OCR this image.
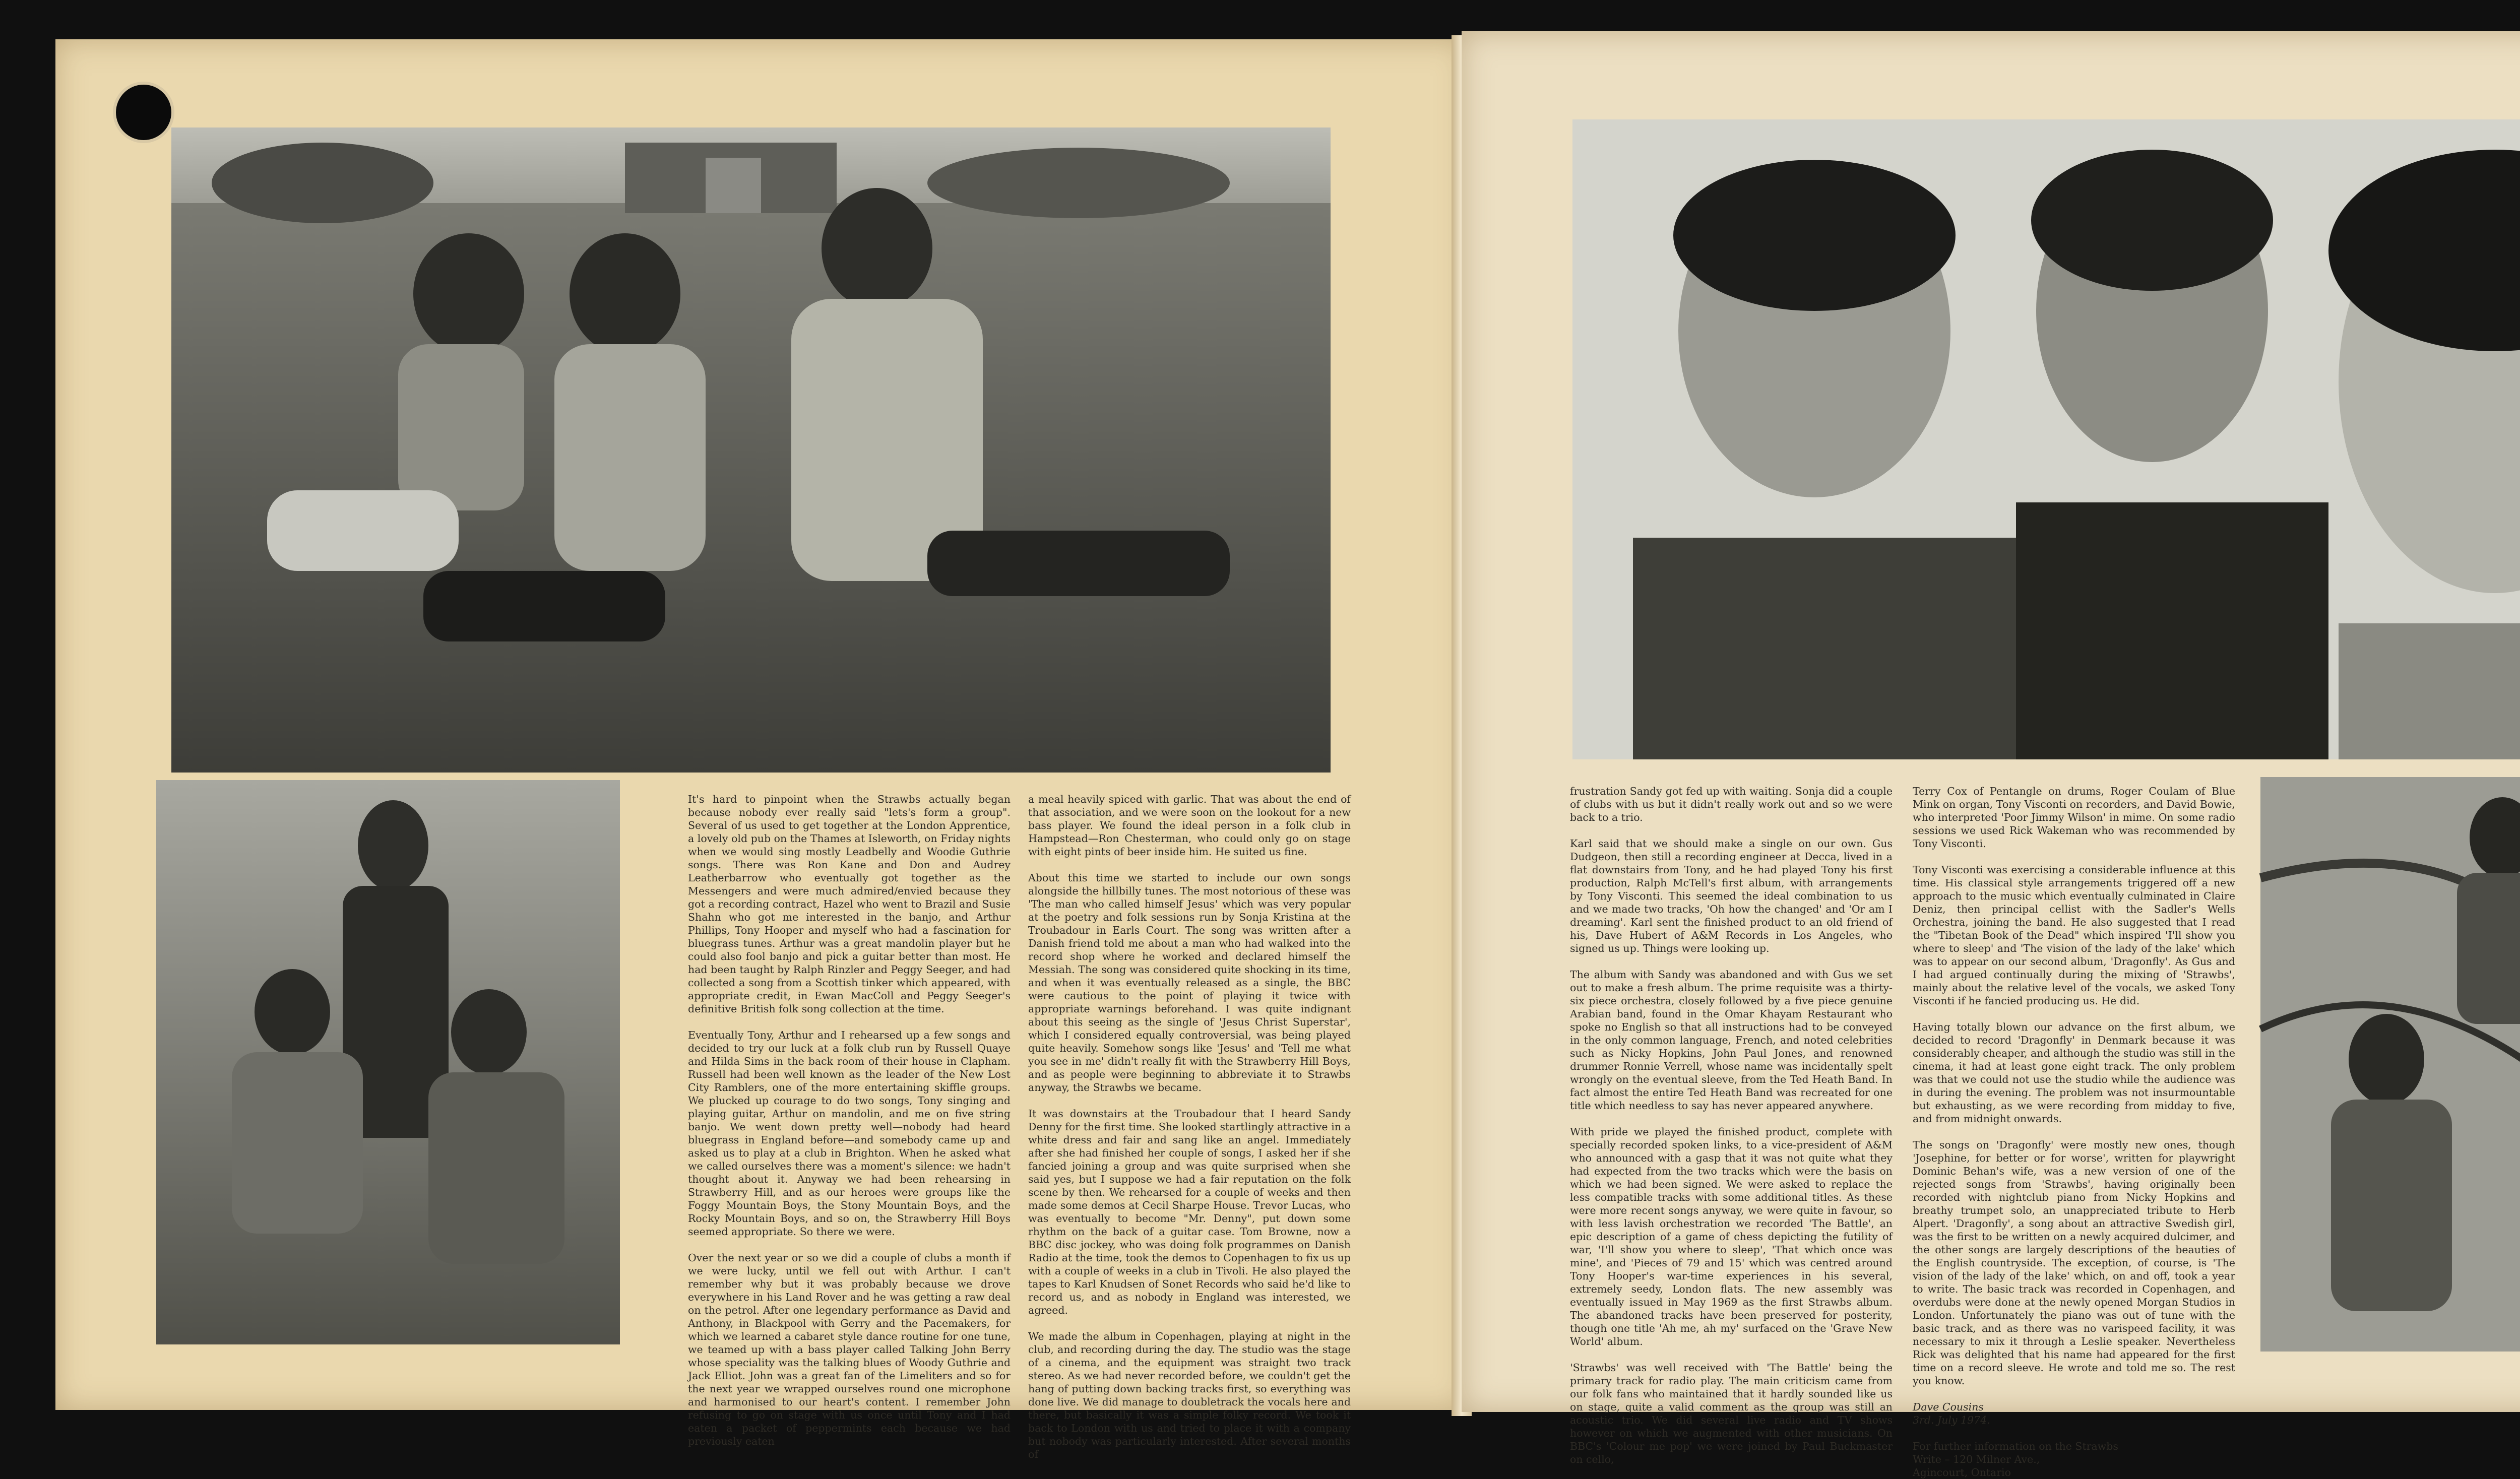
It's hard to pinpoint when the Strawbs actually began because nobody ever really said "lets's form a group". Several of us used to get together at the London Apprentice, a lovely old pub on the Thames at Isleworth, on Friday nights when we would sing mostly Leadbelly and Woodie Guthrie songs. There was Ron Kane and Don and Audrey Leatherbarrow who eventually got together as the Messengers and were much admired/envied because they got a recording contract, Hazel who went to Brazil and Susie Shahn who got me interested in the banjo, and Arthur Phillips, Tony Hooper and myself who had a fascination for bluegrass tunes. Arthur was a great mandolin player but he could also fool banjo and pick a guitar better than most. He had been taught by Ralph Rinzler and Peggy Seeger, and had collected a song from a Scottish tinker which appeared, with appropriate credit, in Ewan MacColl and Peggy Seeger's definitive British folk song collection at the time.

Eventually Tony, Arthur and I rehearsed up a few songs and decided to try our luck at a folk club run by Russell Quaye and Hilda Sims in the back room of their house in Clapham. Russell had been well known as the leader of the New Lost City Ramblers, one of the more entertaining skiffle groups. We plucked up courage to do two songs, Tony singing and playing guitar, Arthur on mandolin, and me on five string banjo. We went down pretty well—nobody had heard bluegrass in England before—and somebody came up and asked us to play at a club in Brighton. When he asked what we called ourselves there was a moment's silence: we hadn't thought about it. Anyway we had been rehearsing in Strawberry Hill, and as our heroes were groups like the Foggy Mountain Boys, the Stony Mountain Boys, and the Rocky Mountain Boys, and so on, the Strawberry Hill Boys seemed appropriate. So there we were.

Over the next year or so we did a couple of clubs a month if we were lucky, until we fell out with Arthur. I can't remember why but it was probably because we drove everywhere in his Land Rover and he was getting a raw deal on the petrol. After one legendary performance as David and Anthony, in Blackpool with Gerry and the Pacemakers, for which we learned a cabaret style dance routine for one tune, we teamed up with a bass player called Talking John Berry whose speciality was the talking blues of Woody Guthrie and Jack Elliot. John was a great fan of the Limeliters and so for the next year we wrapped ourselves round one microphone and harmonised to our heart's content. I remember John refusing to go on stage with us once until Tony and I had eaten a packet of peppermints each because we had previously eaten

a meal heavily spiced with garlic. That was about the end of that association, and we were soon on the lookout for a new bass player. We found the ideal person in a folk club in Hampstead—Ron Chesterman, who could only go on stage with eight pints of beer inside him. He suited us fine.

About this time we started to include our own songs alongside the hillbilly tunes. The most notorious of these was 'The man who called himself Jesus' which was very popular at the poetry and folk sessions run by Sonja Kristina at the Troubadour in Earls Court. The song was written after a Danish friend told me about a man who had walked into the record shop where he worked and declared himself the Messiah. The song was considered quite shocking in its time, and when it was eventually released as a single, the BBC were cautious to the point of playing it twice with appropriate warnings beforehand. I was quite indignant about this seeing as the single of 'Jesus Christ Superstar', which I considered equally controversial, was being played quite heavily. Somehow songs like 'Jesus' and 'Tell me what you see in me' didn't really fit with the Strawberry Hill Boys, and as people were beginning to abbreviate it to Strawbs anyway, the Strawbs we became.

It was downstairs at the Troubadour that I heard Sandy Denny for the first time. She looked startlingly attractive in a white dress and fair and sang like an angel. Immediately after she had finished her couple of songs, I asked her if she fancied joining a group and was quite surprised when she said yes, but I suppose we had a fair reputation on the folk scene by then. We rehearsed for a couple of weeks and then made some demos at Cecil Sharpe House. Trevor Lucas, who was eventually to become "Mr. Denny", put down some rhythm on the back of a guitar case. Tom Browne, now a BBC disc jockey, who was doing folk programmes on Danish Radio at the time, took the demos to Copenhagen to fix us up with a couple of weeks in a club in Tivoli. He also played the tapes to Karl Knudsen of Sonet Records who said he'd like to record us, and as nobody in England was interested, we agreed.

We made the album in Copenhagen, playing at night in the club, and recording during the day. The studio was the stage of a cinema, and the equipment was straight two track stereo. As we had never recorded before, we couldn't get the hang of putting down backing tracks first, so everything was done live. We did manage to doubletrack the vocals here and there, but basically it was a simple folky record. We took it back to London with us and tried to place it with a company but nobody was particularly interested. After several months of

frustration Sandy got fed up with waiting. Sonja did a couple of clubs with us but it didn't really work out and so we were back to a trio.

Karl said that we should make a single on our own. Gus Dudgeon, then still a recording engineer at Decca, lived in a flat downstairs from Tony, and he had played Tony his first production, Ralph McTell's first album, with arrangements by Tony Visconti. This seemed the ideal combination to us and we made two tracks, 'Oh how the changed' and 'Or am I dreaming'. Karl sent the finished product to an old friend of his, Dave Hubert of A&M Records in Los Angeles, who signed us up. Things were looking up.

The album with Sandy was abandoned and with Gus we set out to make a fresh album. The prime requisite was a thirty-six piece orchestra, closely followed by a five piece genuine Arabian band, found in the Omar Khayam Restaurant who spoke no English so that all instructions had to be conveyed in the only common language, French, and noted celebrities such as Nicky Hopkins, John Paul Jones, and renowned drummer Ronnie Verrell, whose name was incidentally spelt wrongly on the eventual sleeve, from the Ted Heath Band. In fact almost the entire Ted Heath Band was recreated for one title which needless to say has never appeared anywhere.

With pride we played the finished product, complete with specially recorded spoken links, to a vice-president of A&M who announced with a gasp that it was not quite what they had expected from the two tracks which were the basis on which we had been signed. We were asked to replace the less compatible tracks with some additional titles. As these were more recent songs anyway, we were quite in favour, so with less lavish orchestration we recorded 'The Battle', an epic description of a game of chess depicting the futility of war, 'I'll show you where to sleep', 'That which once was mine', and 'Pieces of 79 and 15' which was centred around Tony Hooper's war-time experiences in his several, extremely seedy, London flats. The new assembly was eventually issued in May 1969 as the first Strawbs album. The abandoned tracks have been preserved for posterity, though one title 'Ah me, ah my' surfaced on the 'Grave New World' album.

'Strawbs' was well received with 'The Battle' being the primary track for radio play. The main criticism came from our folk fans who maintained that it hardly sounded like us on stage, quite a valid comment as the group was still an acoustic trio. We did several live radio and TV shows however on which we augmented with other musicians. On BBC's 'Colour me pop' we were joined by Paul Buckmaster on cello,

Terry Cox of Pentangle on drums, Roger Coulam of Blue Mink on organ, Tony Visconti on recorders, and David Bowie, who interpreted 'Poor Jimmy Wilson' in mime. On some radio sessions we used Rick Wakeman who was recommended by Tony Visconti.

Tony Visconti was exercising a considerable influence at this time. His classical style arrangements triggered off a new approach to the music which eventually culminated in Claire Deniz, then principal cellist with the Sadler's Wells Orchestra, joining the band. He also suggested that I read the "Tibetan Book of the Dead" which inspired 'I'll show you where to sleep' and 'The vision of the lady of the lake' which was to appear on our second album, 'Dragonfly'. As Gus and I had argued continually during the mixing of 'Strawbs', mainly about the relative level of the vocals, we asked Tony Visconti if he fancied producing us. He did.

Having totally blown our advance on the first album, we decided to record 'Dragonfly' in Denmark because it was considerably cheaper, and although the studio was still in the cinema, it had at least gone eight track. The only problem was that we could not use the studio while the audience was in during the evening. The problem was not insurmountable but exhausting, as we were recording from midday to five, and from midnight onwards.

The songs on 'Dragonfly' were mostly new ones, though 'Josephine, for better or for worse', written for playwright Dominic Behan's wife, was a new version of one of the rejected songs from 'Strawbs', having originally been recorded with nightclub piano from Nicky Hopkins and breathy trumpet solo, an unappreciated tribute to Herb Alpert. 'Dragonfly', a song about an attractive Swedish girl, was the first to be written on a newly acquired dulcimer, and the other songs are largely descriptions of the beauties of the English countryside. The exception, of course, is 'The vision of the lady of the lake' which, on and off, took a year to write. The basic track was recorded in Copenhagen, and overdubs were done at the newly opened Morgan Studios in London. Unfortunately the piano was out of tune with the basic track, and as there was no varispeed facility, it was necessary to mix it through a Leslie speaker. Nevertheless Rick was delighted that his name had appeared for the first time on a record sleeve. He wrote and told me so. The rest you know.

Dave Cousins
3rd. July 1974.
For further information on the Strawbs
Write – 120 Milner Ave.,
Agincourt, Ontario
